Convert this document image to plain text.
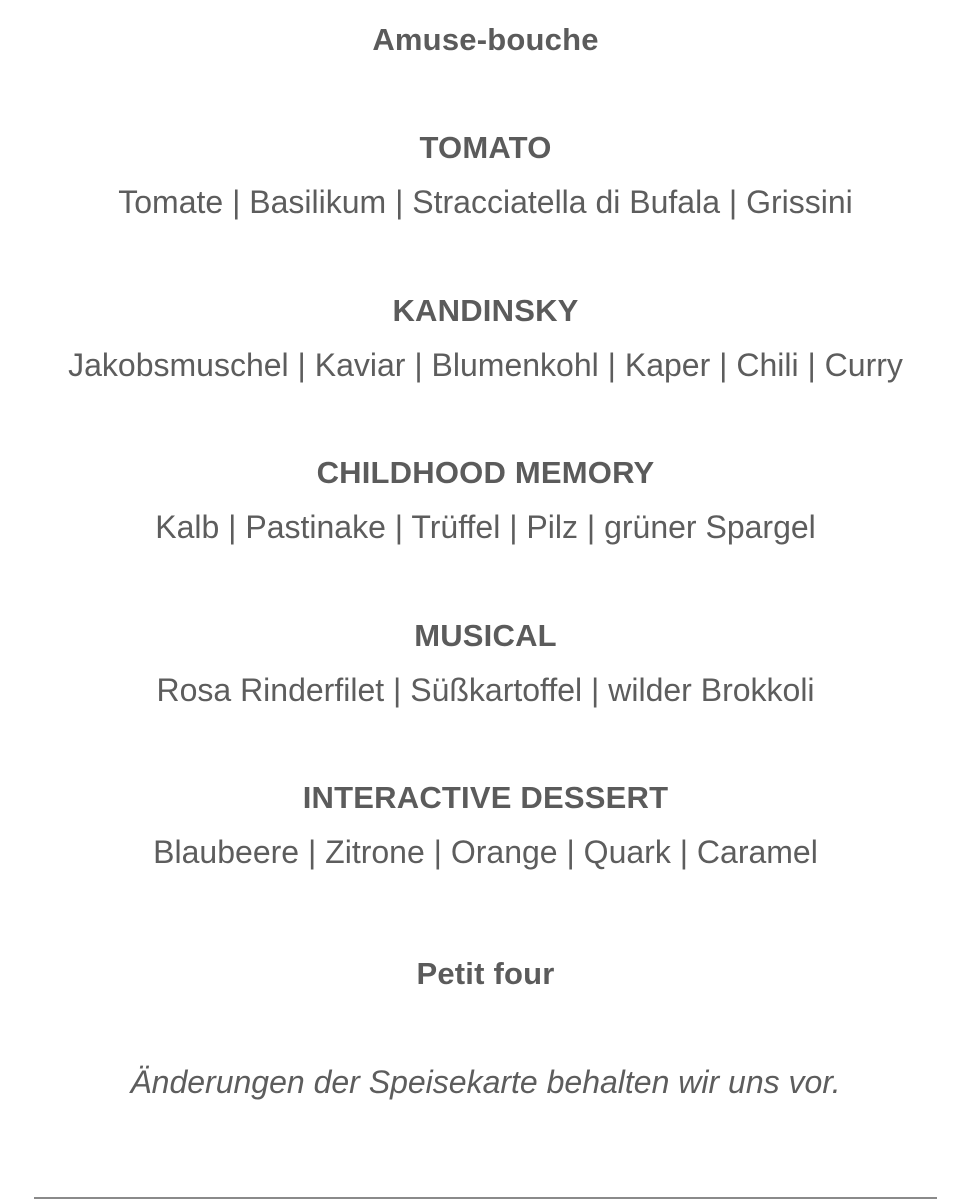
Amuse-bouche
TOMATO
Tomate | Basilikum | Stracciatella di Bufala | Grissini
KANDINSKY
Jakobsmuschel | Kaviar | Blumenkohl | Kaper | Chili | Curry
CHILDHOOD MEMORY
Kalb | Pastinake | Trüffel | Pilz | grüner Spargel
MUSICAL
Rosa Rinderfilet | Süßkartoffel | wilder Brokkoli
INTERACTIVE DESSERT
Blaubeere | Zitrone | Orange | Quark | Caramel
Petit four
Änderungen der Speisekarte behalten wir uns vor.
